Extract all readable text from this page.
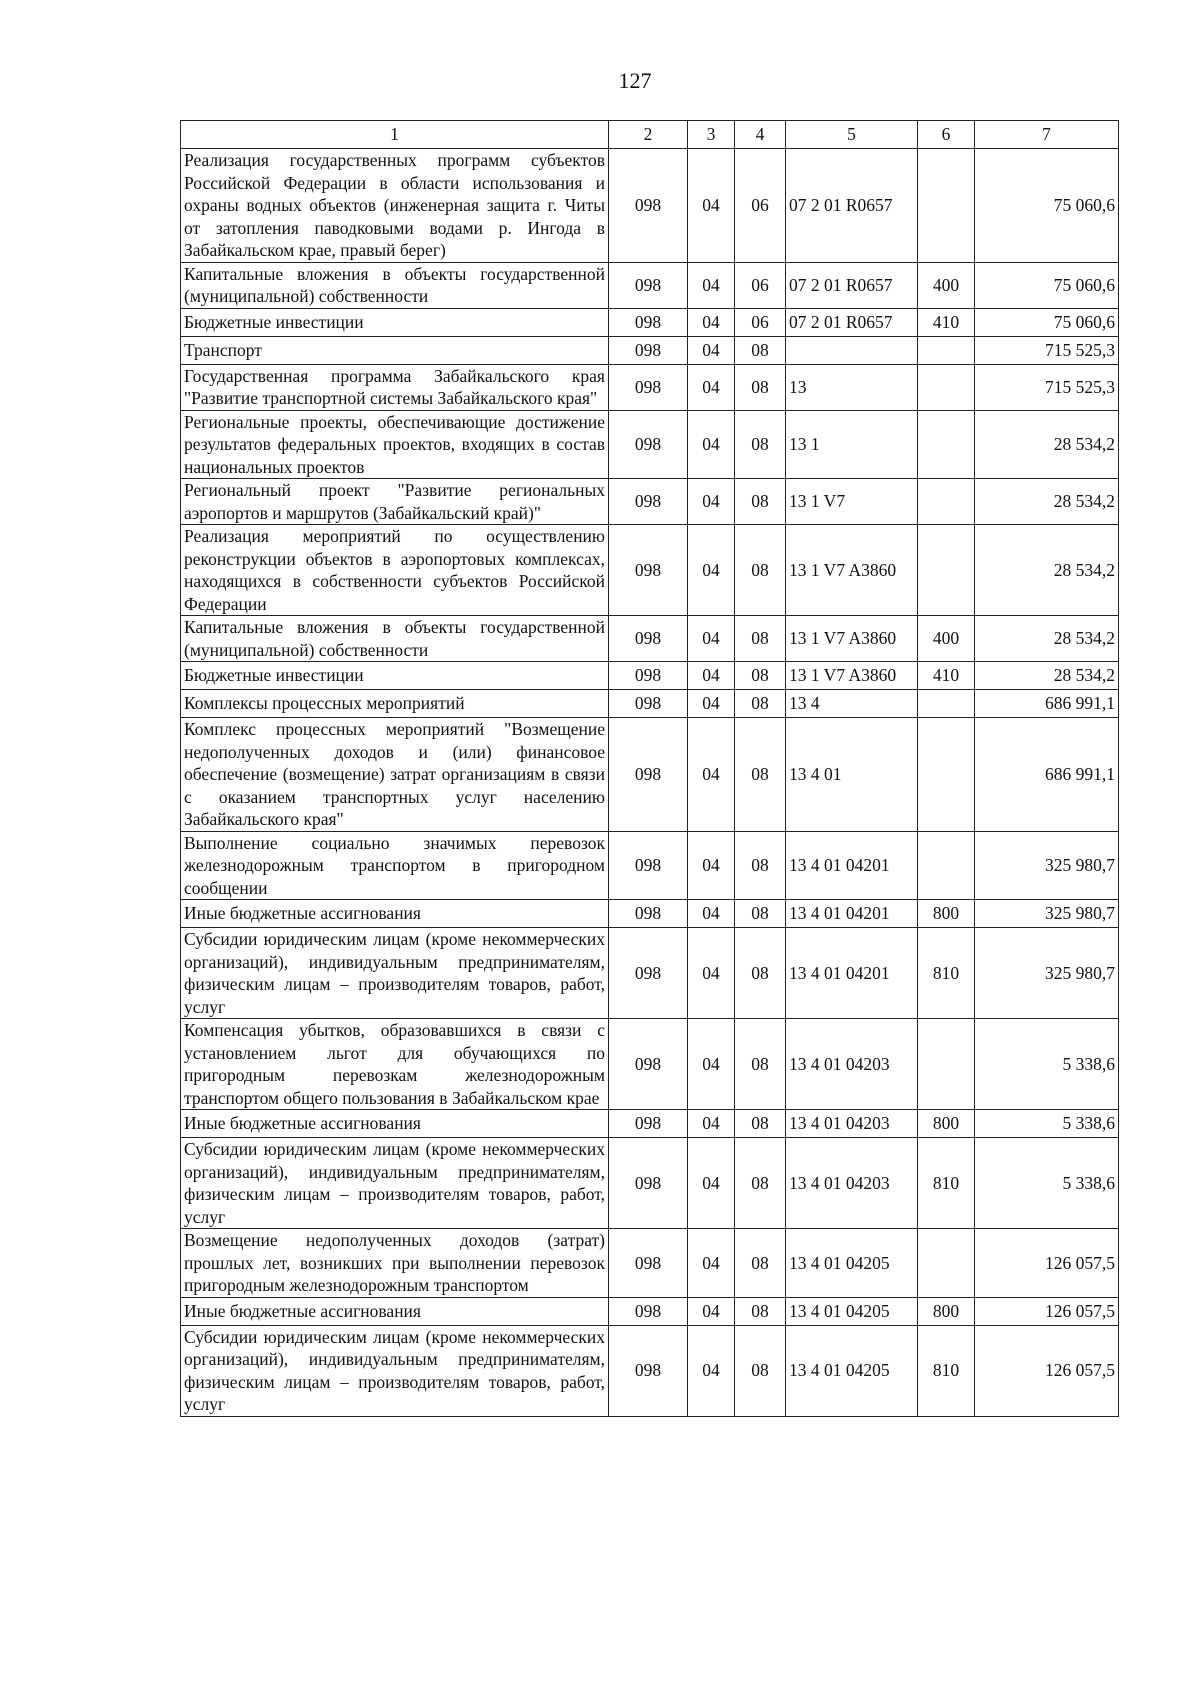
127
1	2	3	4	5	6	7
Реализация государственных программ субъектов Российской Федерации в области использования и охраны водных объектов (инженерная защита г. Читы от затопления паводковыми водами р. Ингода в Забайкальском крае, правый берег)	098	04	06	07 2 01 R0657		75 060,6
Капитальные вложения в объекты государственной (муниципальной) собственности	098	04	06	07 2 01 R0657	400	75 060,6
Бюджетные инвестиции	098	04	06	07 2 01 R0657	410	75 060,6
Транспорт	098	04	08			715 525,3
Государственная программа Забайкальского края "Развитие транспортной системы Забайкальского края"	098	04	08	13		715 525,3
Региональные проекты, обеспечивающие достижение результатов федеральных проектов, входящих в состав национальных проектов	098	04	08	13 1		28 534,2
Региональный проект "Развитие региональных аэропортов и маршрутов (Забайкальский край)"	098	04	08	13 1 V7		28 534,2
Реализация мероприятий по осуществлению реконструкции объектов в аэропортовых комплексах, находящихся в собственности субъектов Российской Федерации	098	04	08	13 1 V7 A3860		28 534,2
Капитальные вложения в объекты государственной (муниципальной) собственности	098	04	08	13 1 V7 A3860	400	28 534,2
Бюджетные инвестиции	098	04	08	13 1 V7 A3860	410	28 534,2
Комплексы процессных мероприятий	098	04	08	13 4		686 991,1
Комплекс процессных мероприятий "Возмещение недополученных доходов и (или) финансовое обеспечение (возмещение) затрат организациям в связи с оказанием транспортных услуг населению Забайкальского края"	098	04	08	13 4 01		686 991,1
Выполнение социально значимых перевозок железнодорожным транспортом в пригородном сообщении	098	04	08	13 4 01 04201		325 980,7
Иные бюджетные ассигнования	098	04	08	13 4 01 04201	800	325 980,7
Субсидии юридическим лицам (кроме некоммерческих организаций), индивидуальным предпринимателям, физическим лицам – производителям товаров, работ, услуг	098	04	08	13 4 01 04201	810	325 980,7
Компенсация убытков, образовавшихся в связи с установлением льгот для обучающихся по пригородным перевозкам железнодорожным транспортом общего пользования в Забайкальском крае	098	04	08	13 4 01 04203		5 338,6
Иные бюджетные ассигнования	098	04	08	13 4 01 04203	800	5 338,6
Субсидии юридическим лицам (кроме некоммерческих организаций), индивидуальным предпринимателям, физическим лицам – производителям товаров, работ, услуг	098	04	08	13 4 01 04203	810	5 338,6
Возмещение недополученных доходов (затрат) прошлых лет, возникших при выполнении перевозок пригородным железнодорожным транспортом	098	04	08	13 4 01 04205		126 057,5
Иные бюджетные ассигнования	098	04	08	13 4 01 04205	800	126 057,5
Субсидии юридическим лицам (кроме некоммерческих организаций), индивидуальным предпринимателям, физическим лицам – производителям товаров, работ, услуг	098	04	08	13 4 01 04205	810	126 057,5
